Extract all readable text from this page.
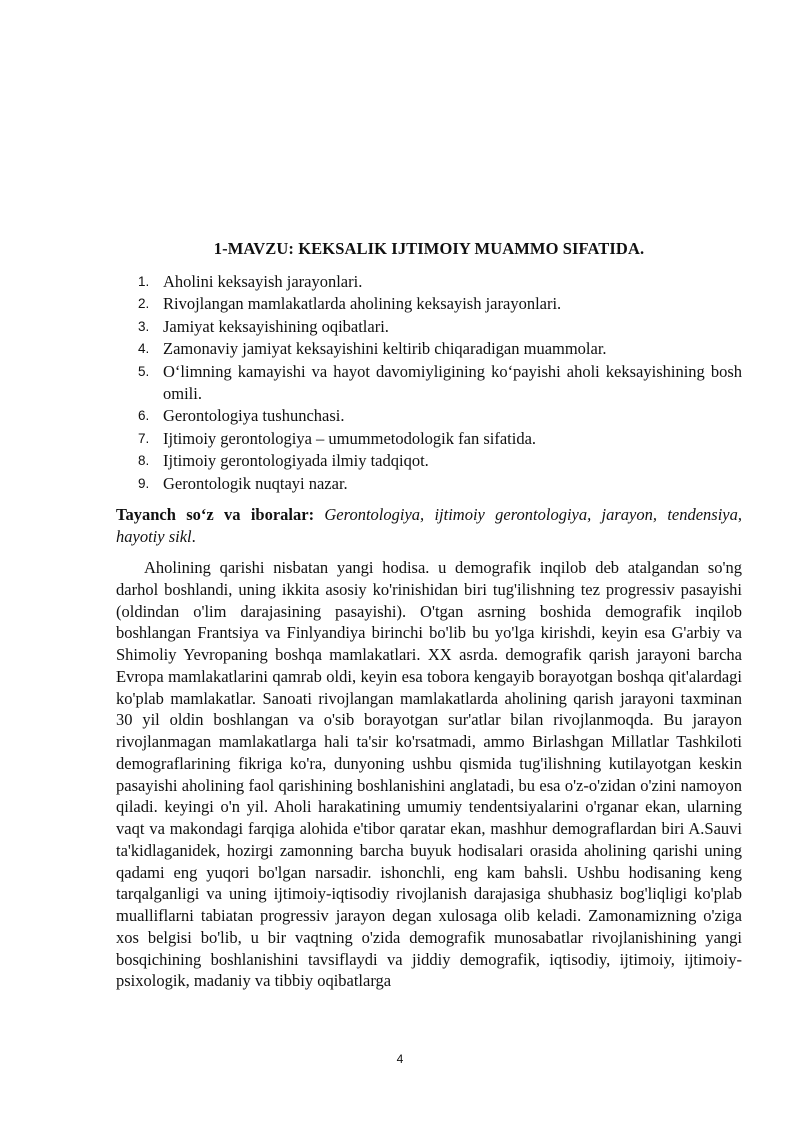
1-MAVZU: KEKSALIK IJTIMOIY MUAMMO SIFATIDA.
1. Aholini keksayish jarayonlari.
2. Rivojlangan mamlakatlarda aholining keksayish jarayonlari.
3. Jamiyat keksayishining oqibatlari.
4. Zamonaviy jamiyat keksayishini keltirib chiqaradigan muammolar.
5. O‘limning kamayishi va hayot davomiyligining ko‘payishi aholi keksayishining bosh omili.
6. Gerontologiya tushunchasi.
7. Ijtimoiy gerontologiya – umummetodologik fan sifatida.
8. Ijtimoiy gerontologiyada ilmiy tadqiqot.
9. Gerontologik nuqtayi nazar.
Tayanch so‘z va iboralar: Gerontologiya, ijtimoiy gerontologiya, jarayon, tendensiya, hayotiy sikl.

Aholining qarishi nisbatan yangi hodisa. u demografik inqilob deb atalgandan so'ng darhol boshlandi, uning ikkita asosiy ko'rinishidan biri tug'ilishning tez progressiv pasayishi (oldindan o'lim darajasining pasayishi). O'tgan asrning boshida demografik inqilob boshlangan Frantsiya va Finlyandiya birinchi bo'lib bu yo'lga kirishdi, keyin esa G'arbiy va Shimoliy Yevropaning boshqa mamlakatlari. XX asrda. demografik qarish jarayoni barcha Evropa mamlakatlarini qamrab oldi, keyin esa tobora kengayib borayotgan boshqa qit'alardagi ko'plab mamlakatlar. Sanoati rivojlangan mamlakatlarda aholining qarish jarayoni taxminan 30 yil oldin boshlangan va o'sib borayotgan sur'atlar bilan rivojlanmoqda. Bu jarayon rivojlanmagan mamlakatlarga hali ta'sir ko'rsatmadi, ammo Birlashgan Millatlar Tashkiloti demograflarining fikriga ko'ra, dunyoning ushbu qismida tug'ilishning kutilayotgan keskin pasayishi aholining faol qarishining boshlanishini anglatadi, bu esa o'z-o'zidan o'zini namoyon qiladi. keyingi o'n yil. Aholi harakatining umumiy tendentsiyalarini o'rganar ekan, ularning vaqt va makondagi farqiga alohida e'tibor qaratar ekan, mashhur demograflardan biri A.Sauvi ta'kidlaganidek, hozirgi zamonning barcha buyuk hodisalari orasida aholining qarishi uning qadami eng yuqori bo'lgan narsadir. ishonchli, eng kam bahsli. Ushbu hodisaning keng tarqalganligi va uning ijtimoiy-iqtisodiy rivojlanish darajasiga shubhasiz bog'liqligi ko'plab mualliflarni tabiatan progressiv jarayon degan xulosaga olib keladi. Zamonamizning o'ziga xos belgisi bo'lib, u bir vaqtning o'zida demografik munosabatlar rivojlanishining yangi bosqichining boshlanishini tavsiflaydi va jiddiy demografik, iqtisodiy, ijtimoiy, ijtimoiy-psixologik, madaniy va tibbiy oqibatlarga

4
